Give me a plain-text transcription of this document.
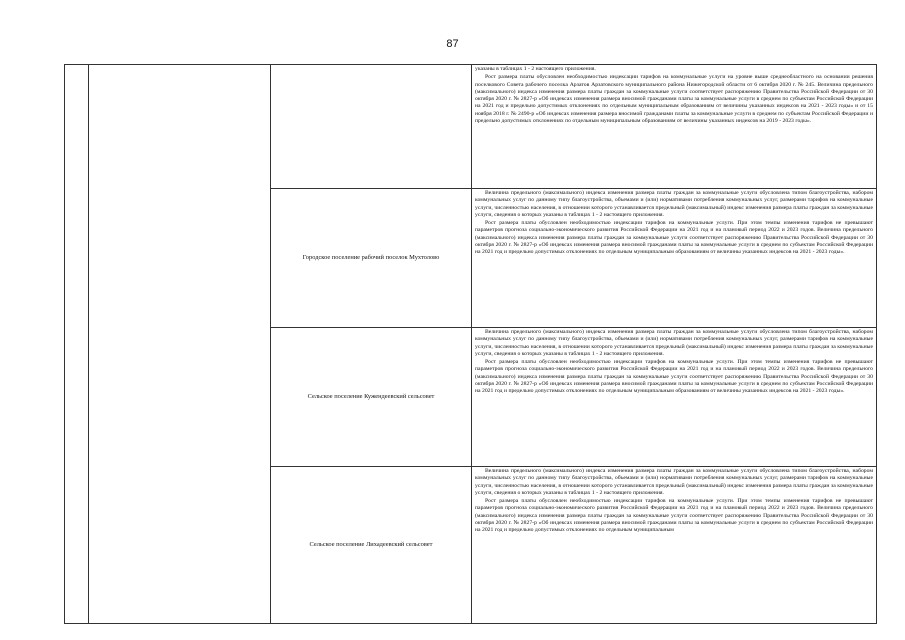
87

			указаны в таблицах 1 - 2 настоящего приложения.

Рост размера платы обусловлен необходимостью индексации тарифов на коммунальные услуги на уровне выше среднеобластного на основании решения поселкового Совета рабочего поселка Арзатов Арзатовского муниципального района Нижегородской области от 6 октября 2020 г. № 245. Величина предельного (максимального) индекса изменения размера платы граждан за коммунальные услуги соответствует распоряжению Правительства Российской Федерации от 30 октября 2020 г. № 2827-р «Об индексах изменения размера вносимой гражданами платы за коммунальные услуги в среднем по субъектам Российской Федерации на 2021 год и предельно допустимых отклонениях по отдельным муниципальным образованиям от величины указанных индексов на 2021 - 2023 годы» и от 15 ноября 2018 г. № 2490-р «Об индексах изменения размера вносимой гражданами платы за коммунальные услуги в среднем по субъектам Российской Федерации и предельно допустимых отклонениях по отдельным муниципальным образованиям от величины указанных индексов на 2019 - 2023 годы».

		Городское поселение рабочий поселок Мухтолово	Величина предельного (максимального) индекса изменения размера платы граждан за коммунальные услуги обусловлена типом благоустройства, набором коммунальных услуг по данному типу благоустройства, объемами и (или) нормативами потребления коммунальных услуг, размерами тарифов на коммунальные услуги, численностью населения, в отношении которого устанавливается предельный (максимальный) индекс изменения размера платы граждан за коммунальные услуги, сведения о которых указаны в таблицах 1 - 2 настоящего приложения.

Рост размера платы обусловлен необходимостью индексации тарифов на коммунальные услуги. При этом темпы изменения тарифов не превышают параметров прогноза социально-экономического развития Российской Федерации на 2021 год и на плановый период 2022 и 2023 годов. Величина предельного (максимального) индекса изменения размера платы граждан за коммунальные услуги соответствует распоряжению Правительства Российской Федерации от 30 октября 2020 г. № 2827-р «Об индексах изменения размера вносимой гражданами платы за коммунальные услуги в среднем по субъектам Российской Федерации на 2021 год и предельно допустимых отклонениях по отдельным муниципальным образованиям от величины указанных индексов на 2021 - 2023 годы».

		Сельское поселение Кужендеевский сельсовет	Величина предельного (максимального) индекса изменения размера платы граждан за коммунальные услуги обусловлена типом благоустройства, набором коммунальных услуг по данному типу благоустройства, объемами и (или) нормативами потребления коммунальных услуг, размерами тарифов на коммунальные услуги, численностью населения, в отношении которого устанавливается предельный (максимальный) индекс изменения размера платы граждан за коммунальные услуги, сведения о которых указаны в таблицах 1 - 2 настоящего приложения.

Рост размера платы обусловлен необходимостью индексации тарифов на коммунальные услуги. При этом темпы изменения тарифов не превышают параметров прогноза социально-экономического развития Российской Федерации на 2021 год и на плановый период 2022 и 2023 годов. Величина предельного (максимального) индекса изменения размера платы граждан за коммунальные услуги соответствует распоряжению Правительства Российской Федерации от 30 октября 2020 г. № 2827-р «Об индексах изменения размера вносимой гражданами платы за коммунальные услуги в среднем по субъектам Российской Федерации на 2021 год и предельно допустимых отклонениях по отдельным муниципальным образованиям от величины указанных индексов на 2021 - 2023 годы».

		Сельское поселение Лихадеевский сельсовет	Величина предельного (максимального) индекса изменения размера платы граждан за коммунальные услуги обусловлена типом благоустройства, набором коммунальных услуг по данному типу благоустройства, объемами и (или) нормативами потребления коммунальных услуг, размерами тарифов на коммунальные услуги, численностью населения, в отношении которого устанавливается предельный (максимальный) индекс изменения размера платы граждан за коммунальные услуги, сведения о которых указаны в таблицах 1 - 2 настоящего приложения.

Рост размера платы обусловлен необходимостью индексации тарифов на коммунальные услуги. При этом темпы изменения тарифов не превышают параметров прогноза социально-экономического развития Российской Федерации на 2021 год и на плановый период 2022 и 2023 годов. Величина предельного (максимального) индекса изменения размера платы граждан за коммунальные услуги соответствует распоряжению Правительства Российской Федерации от 30 октября 2020 г. № 2827-р «Об индексах изменения размера вносимой гражданами платы за коммунальные услуги в среднем по субъектам Российской Федерации на 2021 год и предельно допустимых отклонениях по отдельным муниципальным
